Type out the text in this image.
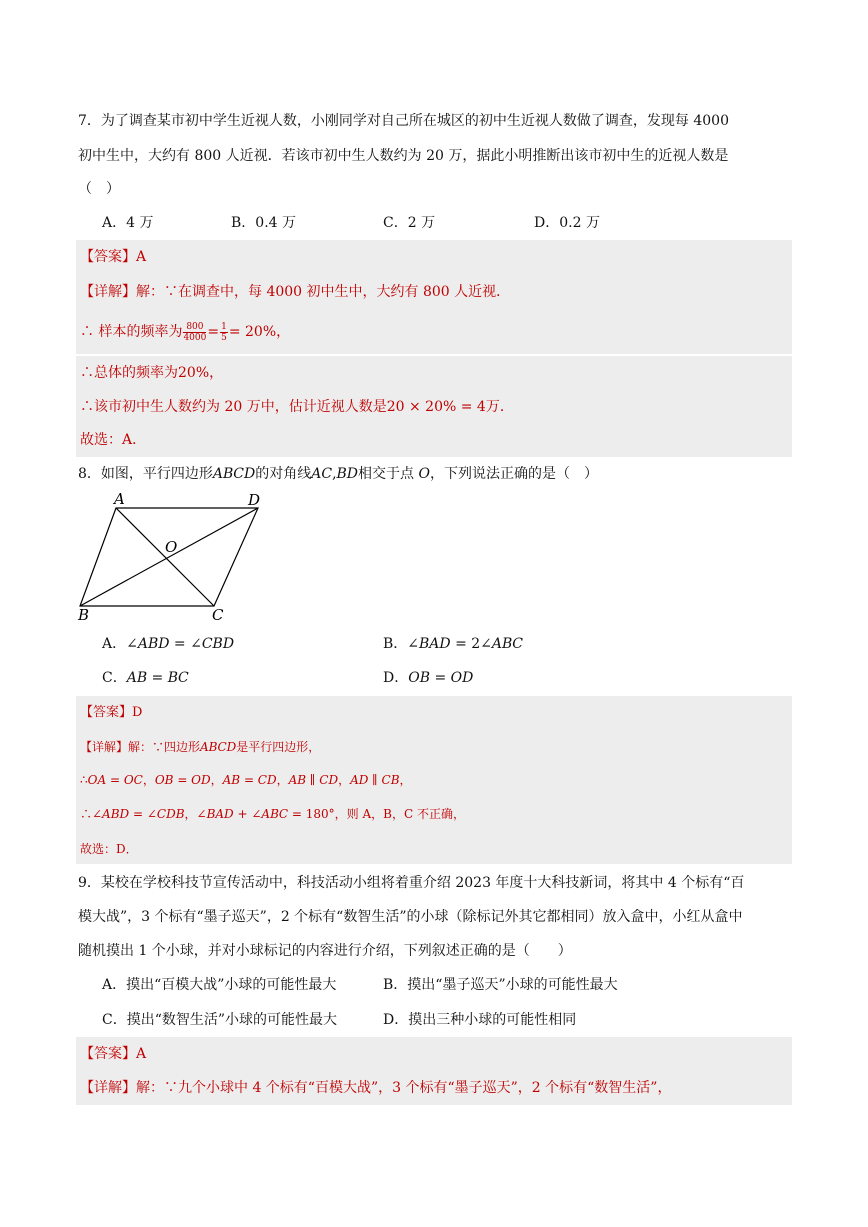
7．为了调查某市初中学生近视人数，小刚同学对自己所在城区的初中生近视人数做了调查，发现每 4000
初中生中，大约有 800 人近视．若该市初中生人数约为 20 万，据此小明推断出该市初中生的近视人数是
（　）
A．4 万	B．0.4 万	C．2 万	D．0.2 万
【答案】A
【详解】解：∵在调查中，每 4000 初中生中，大约有 800 人近视．
∴ 样本的频率为 $\frac{800}{4000} = \frac{1}{5} = 20\%$，
∴总体的频率为20%，
∴该市初中生人数约为 20 万中，估计近视人数是20 × 20% = 4万．
故选：A．
8．如图，平行四边形𝐴𝐵𝐶𝐷的对角线𝐴𝐶,𝐵𝐷相交于点 𝑂，下列说法正确的是（　）
A	D
O
B	C
A．∠𝐴𝐵𝐷 = ∠𝐶𝐵𝐷	B．∠𝐵𝐴𝐷 = 2∠𝐴𝐵𝐶
C．𝐴𝐵 = 𝐵𝐶	D．𝑂𝐵 = 𝑂𝐷
【答案】D
【详解】解：∵四边形𝐴𝐵𝐶𝐷是平行四边形，
∴𝑂𝐴 = 𝑂𝐶，𝑂𝐵 = 𝑂𝐷，𝐴𝐵 = 𝐶𝐷，𝐴𝐵 ∥ 𝐶𝐷，𝐴𝐷 ∥ 𝐶𝐵，
∴∠𝐴𝐵𝐷 = ∠𝐶𝐷𝐵，∠𝐵𝐴𝐷 + ∠𝐴𝐵𝐶 = 180°，则 A，B，C 不正确，
故选：D．
9．某校在学校科技节宣传活动中，科技活动小组将着重介绍 2023 年度十大科技新词，将其中 4 个标有“百
模大战”，3 个标有“墨子巡天”，2 个标有“数智生活”的小球（除标记外其它都相同）放入盒中，小红从盒中
随机摸出 1 个小球，并对小球标记的内容进行介绍，下列叙述正确的是（　　）
A．摸出“百模大战”小球的可能性最大	B．摸出“墨子巡天”小球的可能性最大
C．摸出“数智生活”小球的可能性最大	D．摸出三种小球的可能性相同
【答案】A
【详解】解：∵九个小球中 4 个标有“百模大战”，3 个标有“墨子巡天”，2 个标有“数智生活”，
